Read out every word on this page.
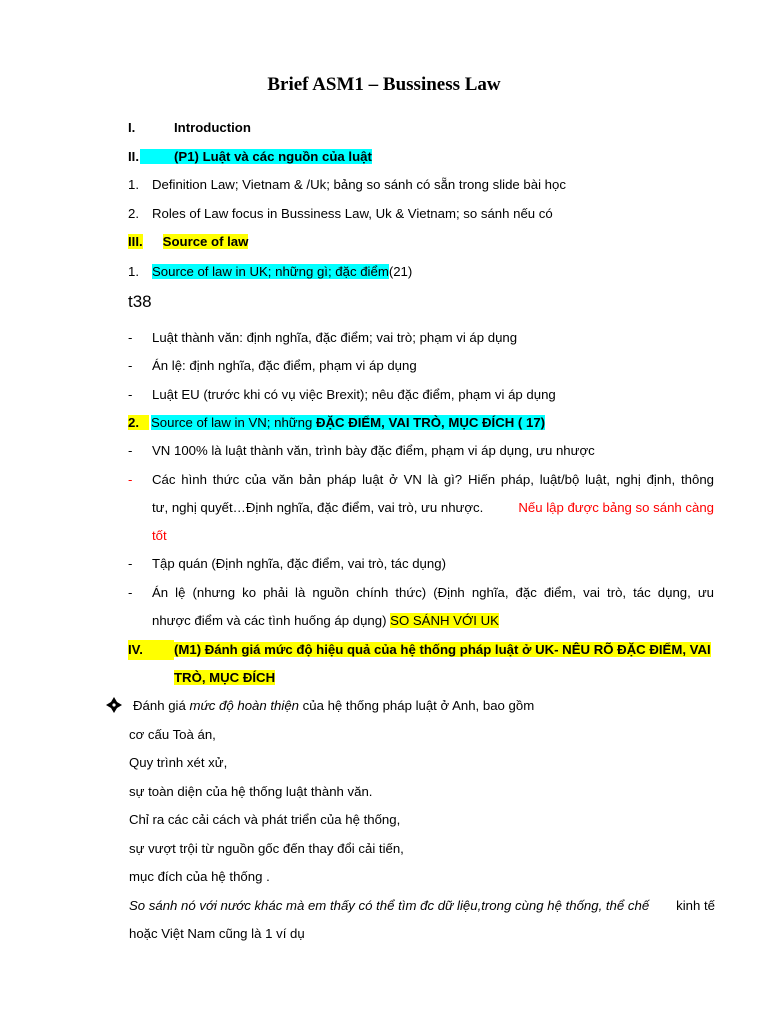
Brief ASM1 – Bussiness Law
I.	Introduction
II.	(P1) Luật và các nguồn của luật
1. Definition Law; Vietnam & /Uk; bảng so sánh có sẵn trong slide bài học
2. Roles of Law focus in Bussiness Law, Uk & Vietnam; so sánh nếu có
III. Source of law
1. Source of law in UK; những gì; đặc điểm(21)
t38
- Luật thành văn: định nghĩa, đặc điểm; vai trò; phạm vi áp dụng
- Án lệ: định nghĩa, đặc điểm, phạm vi áp dụng
- Luật EU (trước khi có vụ việc Brexit); nêu đặc điểm, phạm vi áp dụng
2. Source of law in VN; những ĐẶC ĐIỂM, VAI TRÒ, MỤC ĐÍCH ( 17)
- VN 100% là luật thành văn, trình bày đặc điểm, phạm vi áp dụng, ưu nhược
- Các hình thức của văn bản pháp luật ở VN là gì? Hiến pháp, luật/bộ luật, nghị định, thông
tư, nghị quyết…Định nghĩa, đặc điểm, vai trò, ưu nhược.	Nếu lập được bảng so sánh càng
tốt
- Tập quán (Định nghĩa, đặc điểm, vai trò, tác dụng)
- Án lệ (nhưng ko phải là nguồn chính thức) (Định nghĩa, đặc điểm, vai trò, tác dụng, ưu
nhược điểm và các tình huống áp dụng) SO SÁNH VỚI UK
IV. (M1) Đánh giá mức độ hiệu quả của hệ thống pháp luật ở UK- NÊU RÕ ĐẶC ĐIỂM, VAI
TRÒ, MỤC ĐÍCH
Đánh giá mức độ hoàn thiện của hệ thống pháp luật ở Anh, bao gồm
cơ cấu Toà án,
Quy trình xét xử,
sự toàn diện của hệ thống luật thành văn.
Chỉ ra các cải cách và phát triển của hệ thống,
sự vượt trội từ nguồn gốc đến thay đổi cải tiến,
mục đích của hệ thống .
So sánh nó với nước khác mà em thấy có thể tìm đc dữ liệu,trong cùng hệ thống, thể chế kinh tế
hoặc Việt Nam cũng là 1 ví dụ
